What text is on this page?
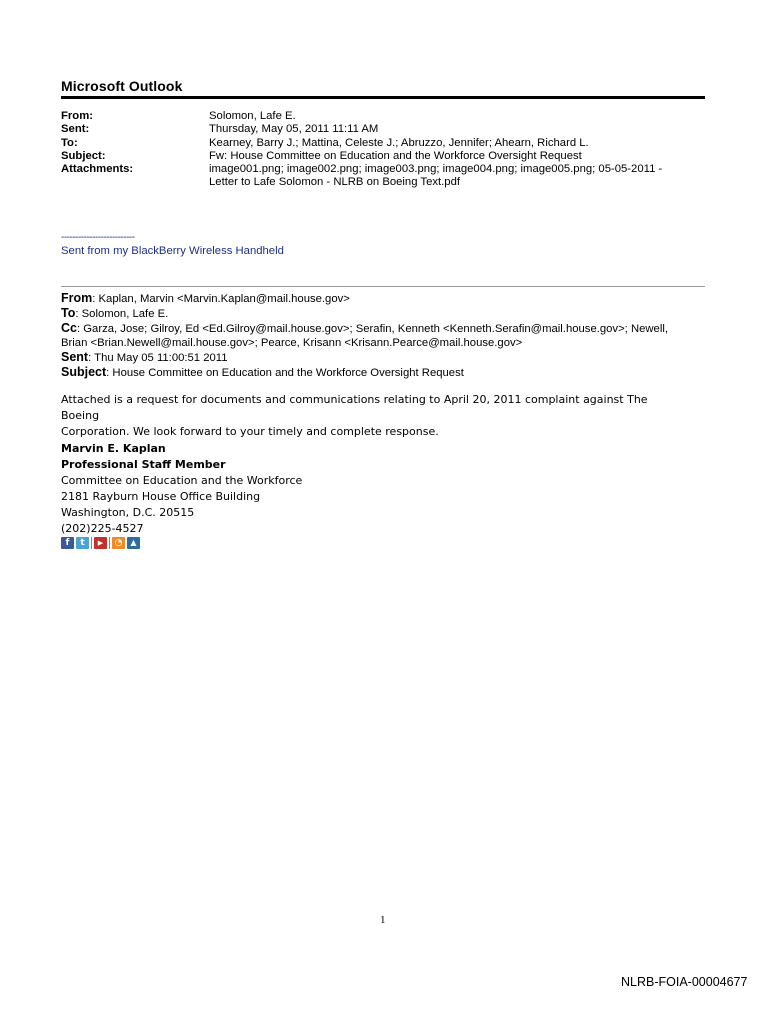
Microsoft Outlook
From:	Solomon, Lafe E.
Sent:	Thursday, May 05, 2011 11:11 AM
To:	Kearney, Barry J.; Mattina, Celeste J.; Abruzzo, Jennifer; Ahearn, Richard L.
Subject:	Fw: House Committee on Education and the Workforce Oversight Request
Attachments:	image001.png; image002.png; image003.png; image004.png; image005.png; 05-05-2011 -
Letter to Lafe Solomon - NLRB on Boeing Text.pdf
--------------------------
Sent from my BlackBerry Wireless Handheld
From: Kaplan, Marvin <Marvin.Kaplan@mail.house.gov>
To: Solomon, Lafe E.
Cc: Garza, Jose; Gilroy, Ed <Ed.Gilroy@mail.house.gov>; Serafin, Kenneth <Kenneth.Serafin@mail.house.gov>; Newell,
Brian <Brian.Newell@mail.house.gov>; Pearce, Krisann <Krisann.Pearce@mail.house.gov>
Sent: Thu May 05 11:00:51 2011
Subject: House Committee on Education and the Workforce Oversight Request
Attached is a request for documents and communications relating to April 20, 2011 complaint against The Boeing
Corporation. We look forward to your timely and complete response.
Marvin E. Kaplan
Professional Staff Member
Committee on Education and the Workforce
2181 Rayburn House Office Building
Washington, D.C. 20515
(202)225-4527
f	t	▶	◔	▲
1
NLRB-FOIA-00004677
